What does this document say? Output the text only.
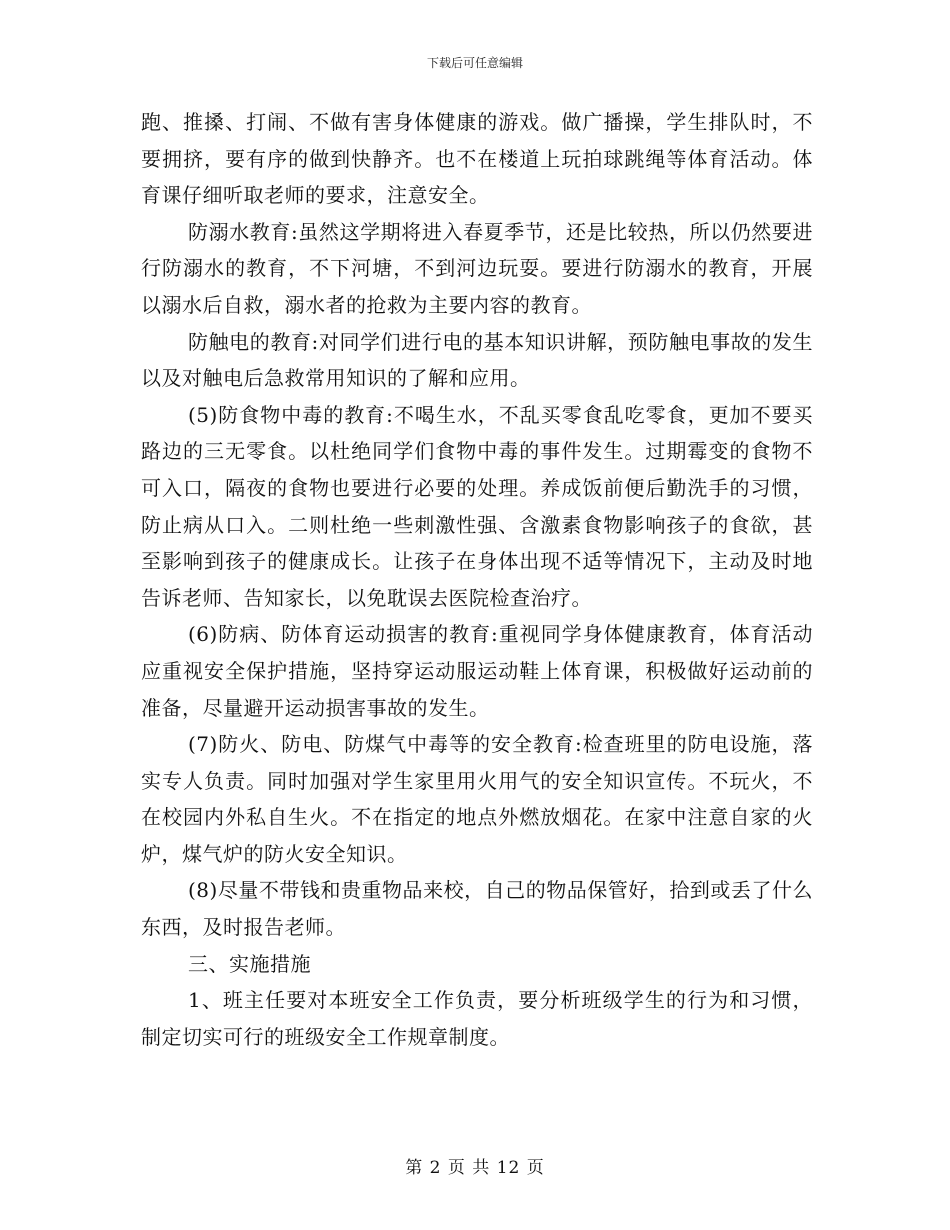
下载后可任意编辑

跑、推搡、打闹、不做有害身体健康的游戏。做广播操，学生排队时，不要拥挤，要有序的做到快静齐。也不在楼道上玩拍球跳绳等体育活动。体育课仔细听取老师的要求，注意安全。

防溺水教育:虽然这学期将进入春夏季节，还是比较热，所以仍然要进行防溺水的教育，不下河塘，不到河边玩耍。要进行防溺水的教育，开展以溺水后自救，溺水者的抢救为主要内容的教育。

防触电的教育:对同学们进行电的基本知识讲解，预防触电事故的发生以及对触电后急救常用知识的了解和应用。

(5)防食物中毒的教育:不喝生水，不乱买零食乱吃零食，更加不要买路边的三无零食。以杜绝同学们食物中毒的事件发生。过期霉变的食物不可入口，隔夜的食物也要进行必要的处理。养成饭前便后勤洗手的习惯，防止病从口入。二则杜绝一些刺激性强、含激素食物影响孩子的食欲，甚至影响到孩子的健康成长。让孩子在身体出现不适等情况下，主动及时地告诉老师、告知家长，以免耽误去医院检查治疗。

(6)防病、防体育运动损害的教育:重视同学身体健康教育，体育活动应重视安全保护措施，坚持穿运动服运动鞋上体育课，积极做好运动前的准备，尽量避开运动损害事故的发生。

(7)防火、防电、防煤气中毒等的安全教育:检查班里的防电设施，落实专人负责。同时加强对学生家里用火用气的安全知识宣传。不玩火，不在校园内外私自生火。不在指定的地点外燃放烟花。在家中注意自家的火炉，煤气炉的防火安全知识。

(8)尽量不带钱和贵重物品来校，自己的物品保管好，拾到或丢了什么东西，及时报告老师。

三、实施措施

1、班主任要对本班安全工作负责，要分析班级学生的行为和习惯，制定切实可行的班级安全工作规章制度。

第 2 页 共 12 页
